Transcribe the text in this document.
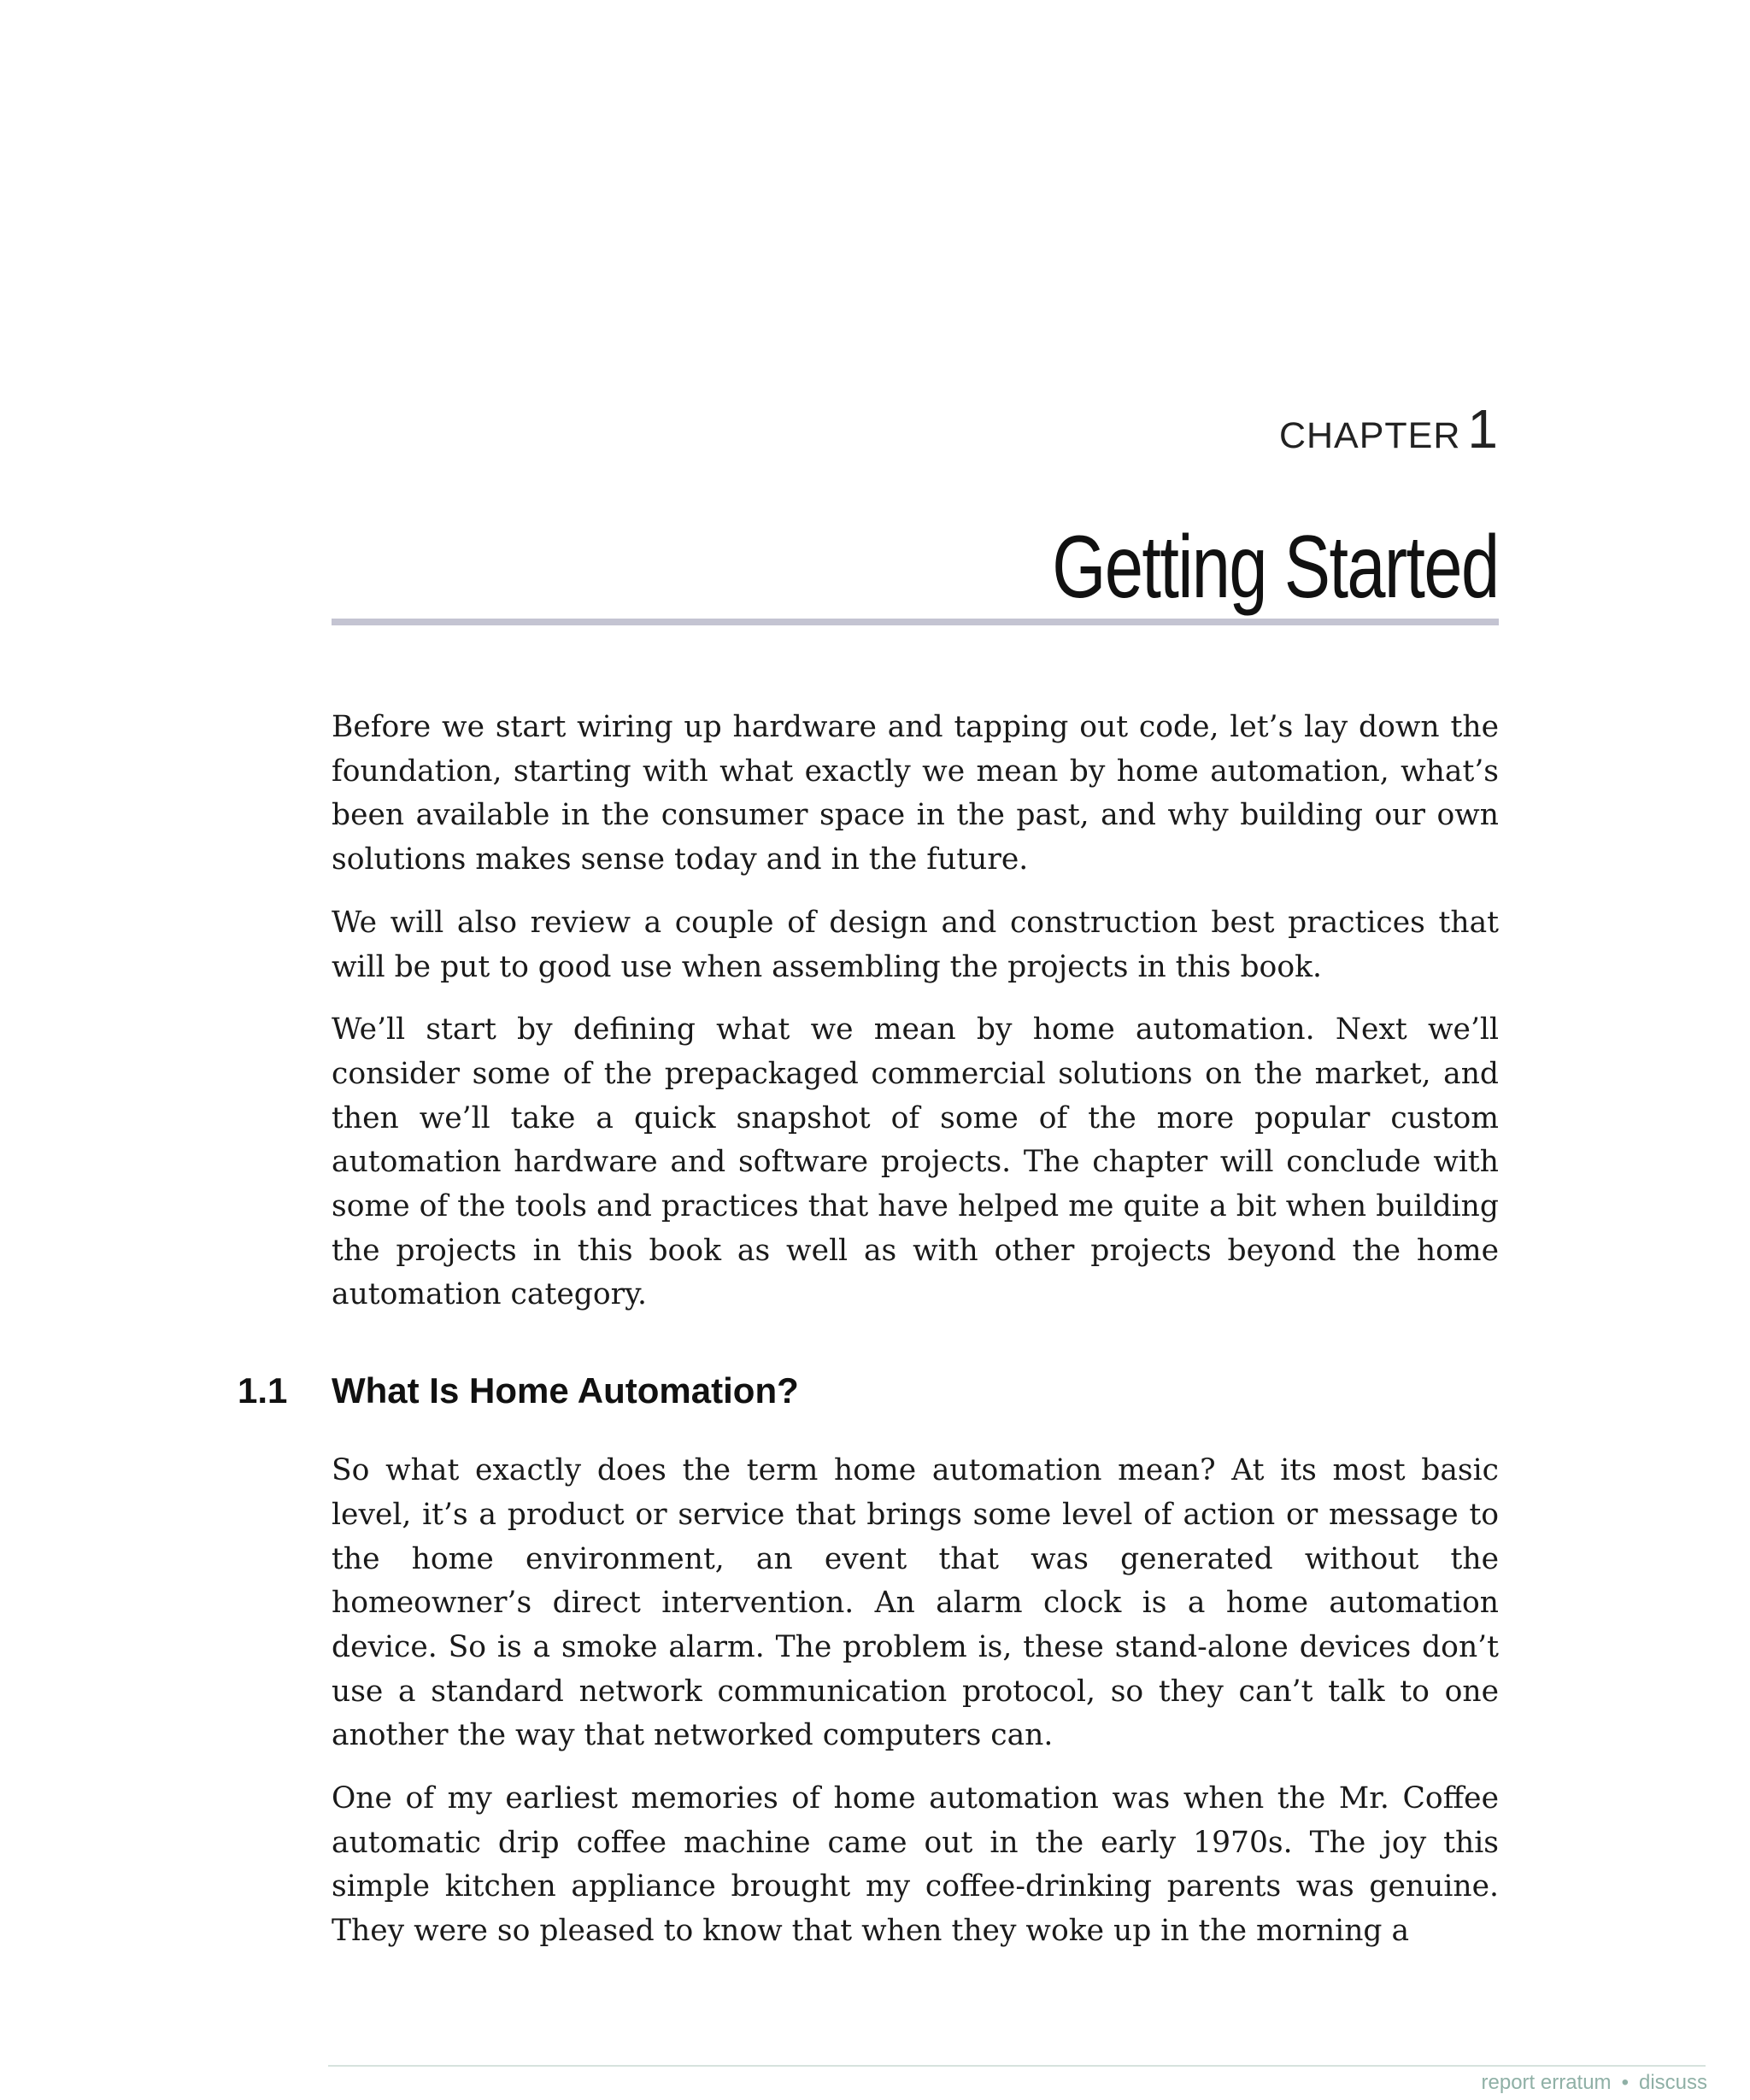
CHAPTER 1
Getting Started

Before we start wiring up hardware and tapping out code, let’s lay down the foundation, starting with what exactly we mean by home automation, what’s been available in the consumer space in the past, and why building our own solutions makes sense today and in the future.

We will also review a couple of design and construction best practices that will be put to good use when assembling the projects in this book.

We’ll start by defining what we mean by home automation. Next we’ll consider some of the prepackaged commercial solutions on the market, and then we’ll take a quick snapshot of some of the more popular custom automation hardware and software projects. The chapter will conclude with some of the tools and practices that have helped me quite a bit when building the projects in this book as well as with other projects beyond the home automation category.

1.1 What Is Home Automation?

So what exactly does the term home automation mean? At its most basic level, it’s a product or service that brings some level of action or message to the home environment, an event that was generated without the homeowner’s direct intervention. An alarm clock is a home automation device. So is a smoke alarm. The problem is, these stand-alone devices don’t use a standard network communication protocol, so they can’t talk to one another the way that networked computers can.

One of my earliest memories of home automation was when the Mr. Coffee automatic drip coffee machine came out in the early 1970s. The joy this simple kitchen appliance brought my coffee-drinking parents was genuine. They were so pleased to know that when they woke up in the morning a

report erratum • discuss
